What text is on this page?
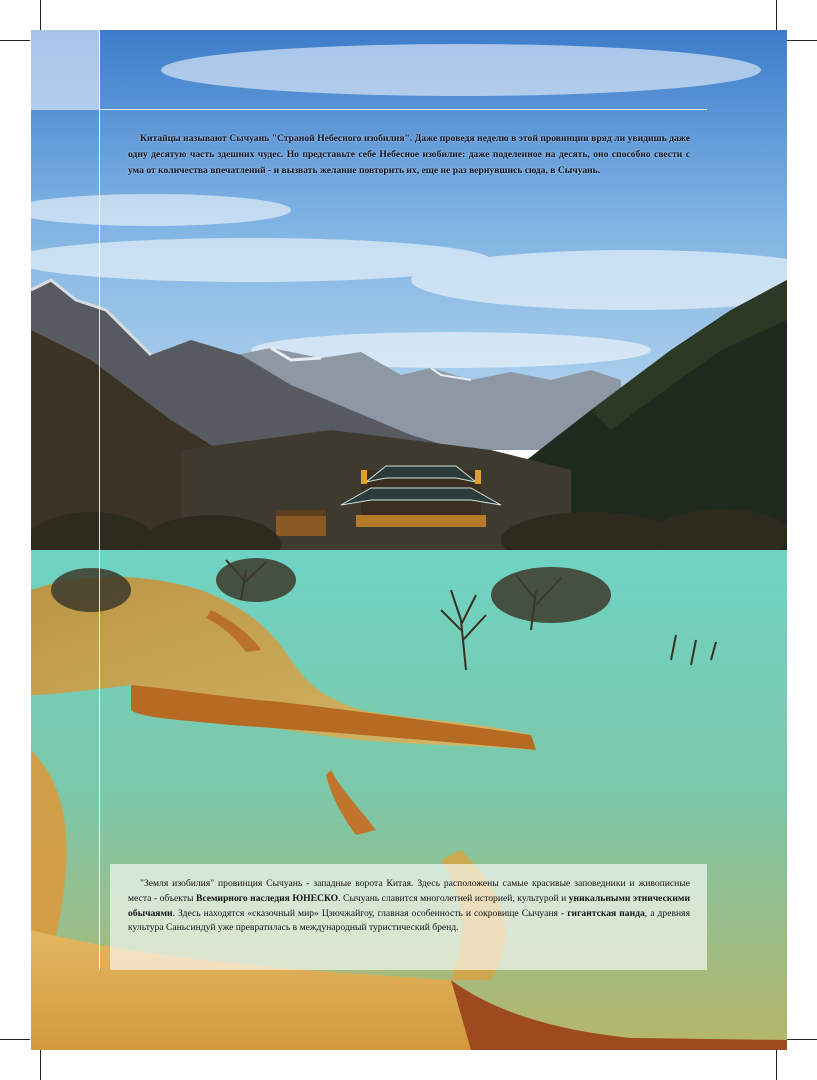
Китайцы называют Сычуань "Страной Небесного изобилия". Даже проведя неделю в этой провинции вряд ли увидишь даже одну десятую часть здешних чудес. Но представьте себе Небесное изобилие: даже поделенное на десять, оно способно свести с ума от количества впечатлений - и вызвать желание повторить их, еще не раз вернувшись сюда, в Сычуань.

"Земля изобилия" провинция Сычуань - западные ворота Китая. Здесь расположены самые красивые заповедники и живописные места - объекты Всемирного наследия ЮНЕСКО. Сычуань славится многолетней историей, культурой и уникальными этническими обычаями. Здесь находятся «сказочный мир» Цзючжайгоу, главная особенность и сокровище Сычуаня - гигантская панда, а древняя культура Саньсиндуй уже превратилась в международный туристический бренд.
